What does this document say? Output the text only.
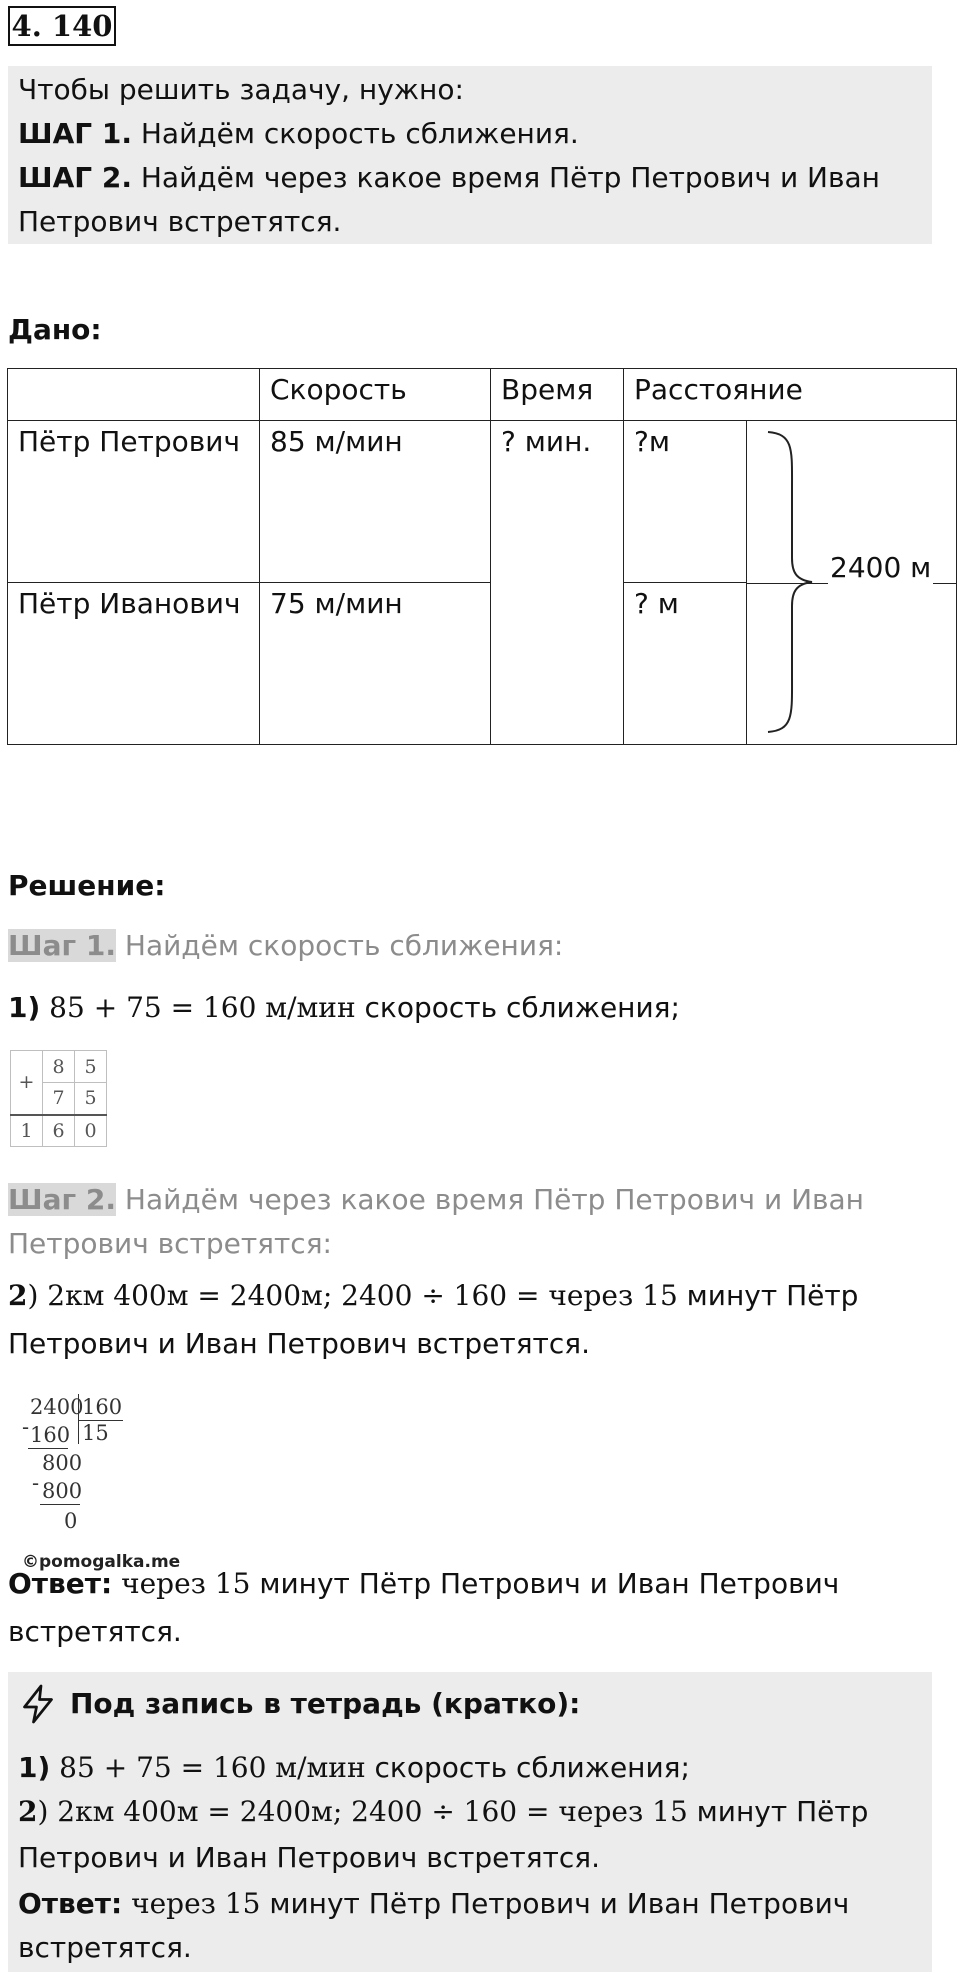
4. 140
Чтобы решить задачу, нужно:
ШАГ 1. Найдём скорость сближения.
ШАГ 2. Найдём через какое время Пётр Петрович и Иван
Петрович встретятся.
Дано:
	Скорость	Время	Расстояние	
Пётр Петрович	85 м/мин	? мин.	?м	
Пётр Иванович	75 м/мин		? м	
2400 м
Решение:
Шаг 1. Найдём скорость сближения:
1) 85 + 75 = 160 м/мин скорость сближения;
+	8	5
	7	5
1	6	0
Шаг 2. Найдём через какое время Пётр Петрович и Иван
Петрович встретятся:
2) 2км 400м = 2400м; 2400 ÷ 160 = через 15 минут Пётр
Петрович и Иван Петрович встретятся.
2400
160
15
- 160
800
- 800
0
©pomogalka.me
Ответ: через 15 минут Пётр Петрович и Иван Петрович
встретятся.
Под запись в тетрадь (кратко):
1) 85 + 75 = 160 м/мин скорость сближения;
2) 2км 400м = 2400м; 2400 ÷ 160 = через 15 минут Пётр
Петрович и Иван Петрович встретятся.
Ответ: через 15 минут Пётр Петрович и Иван Петрович
встретятся.
